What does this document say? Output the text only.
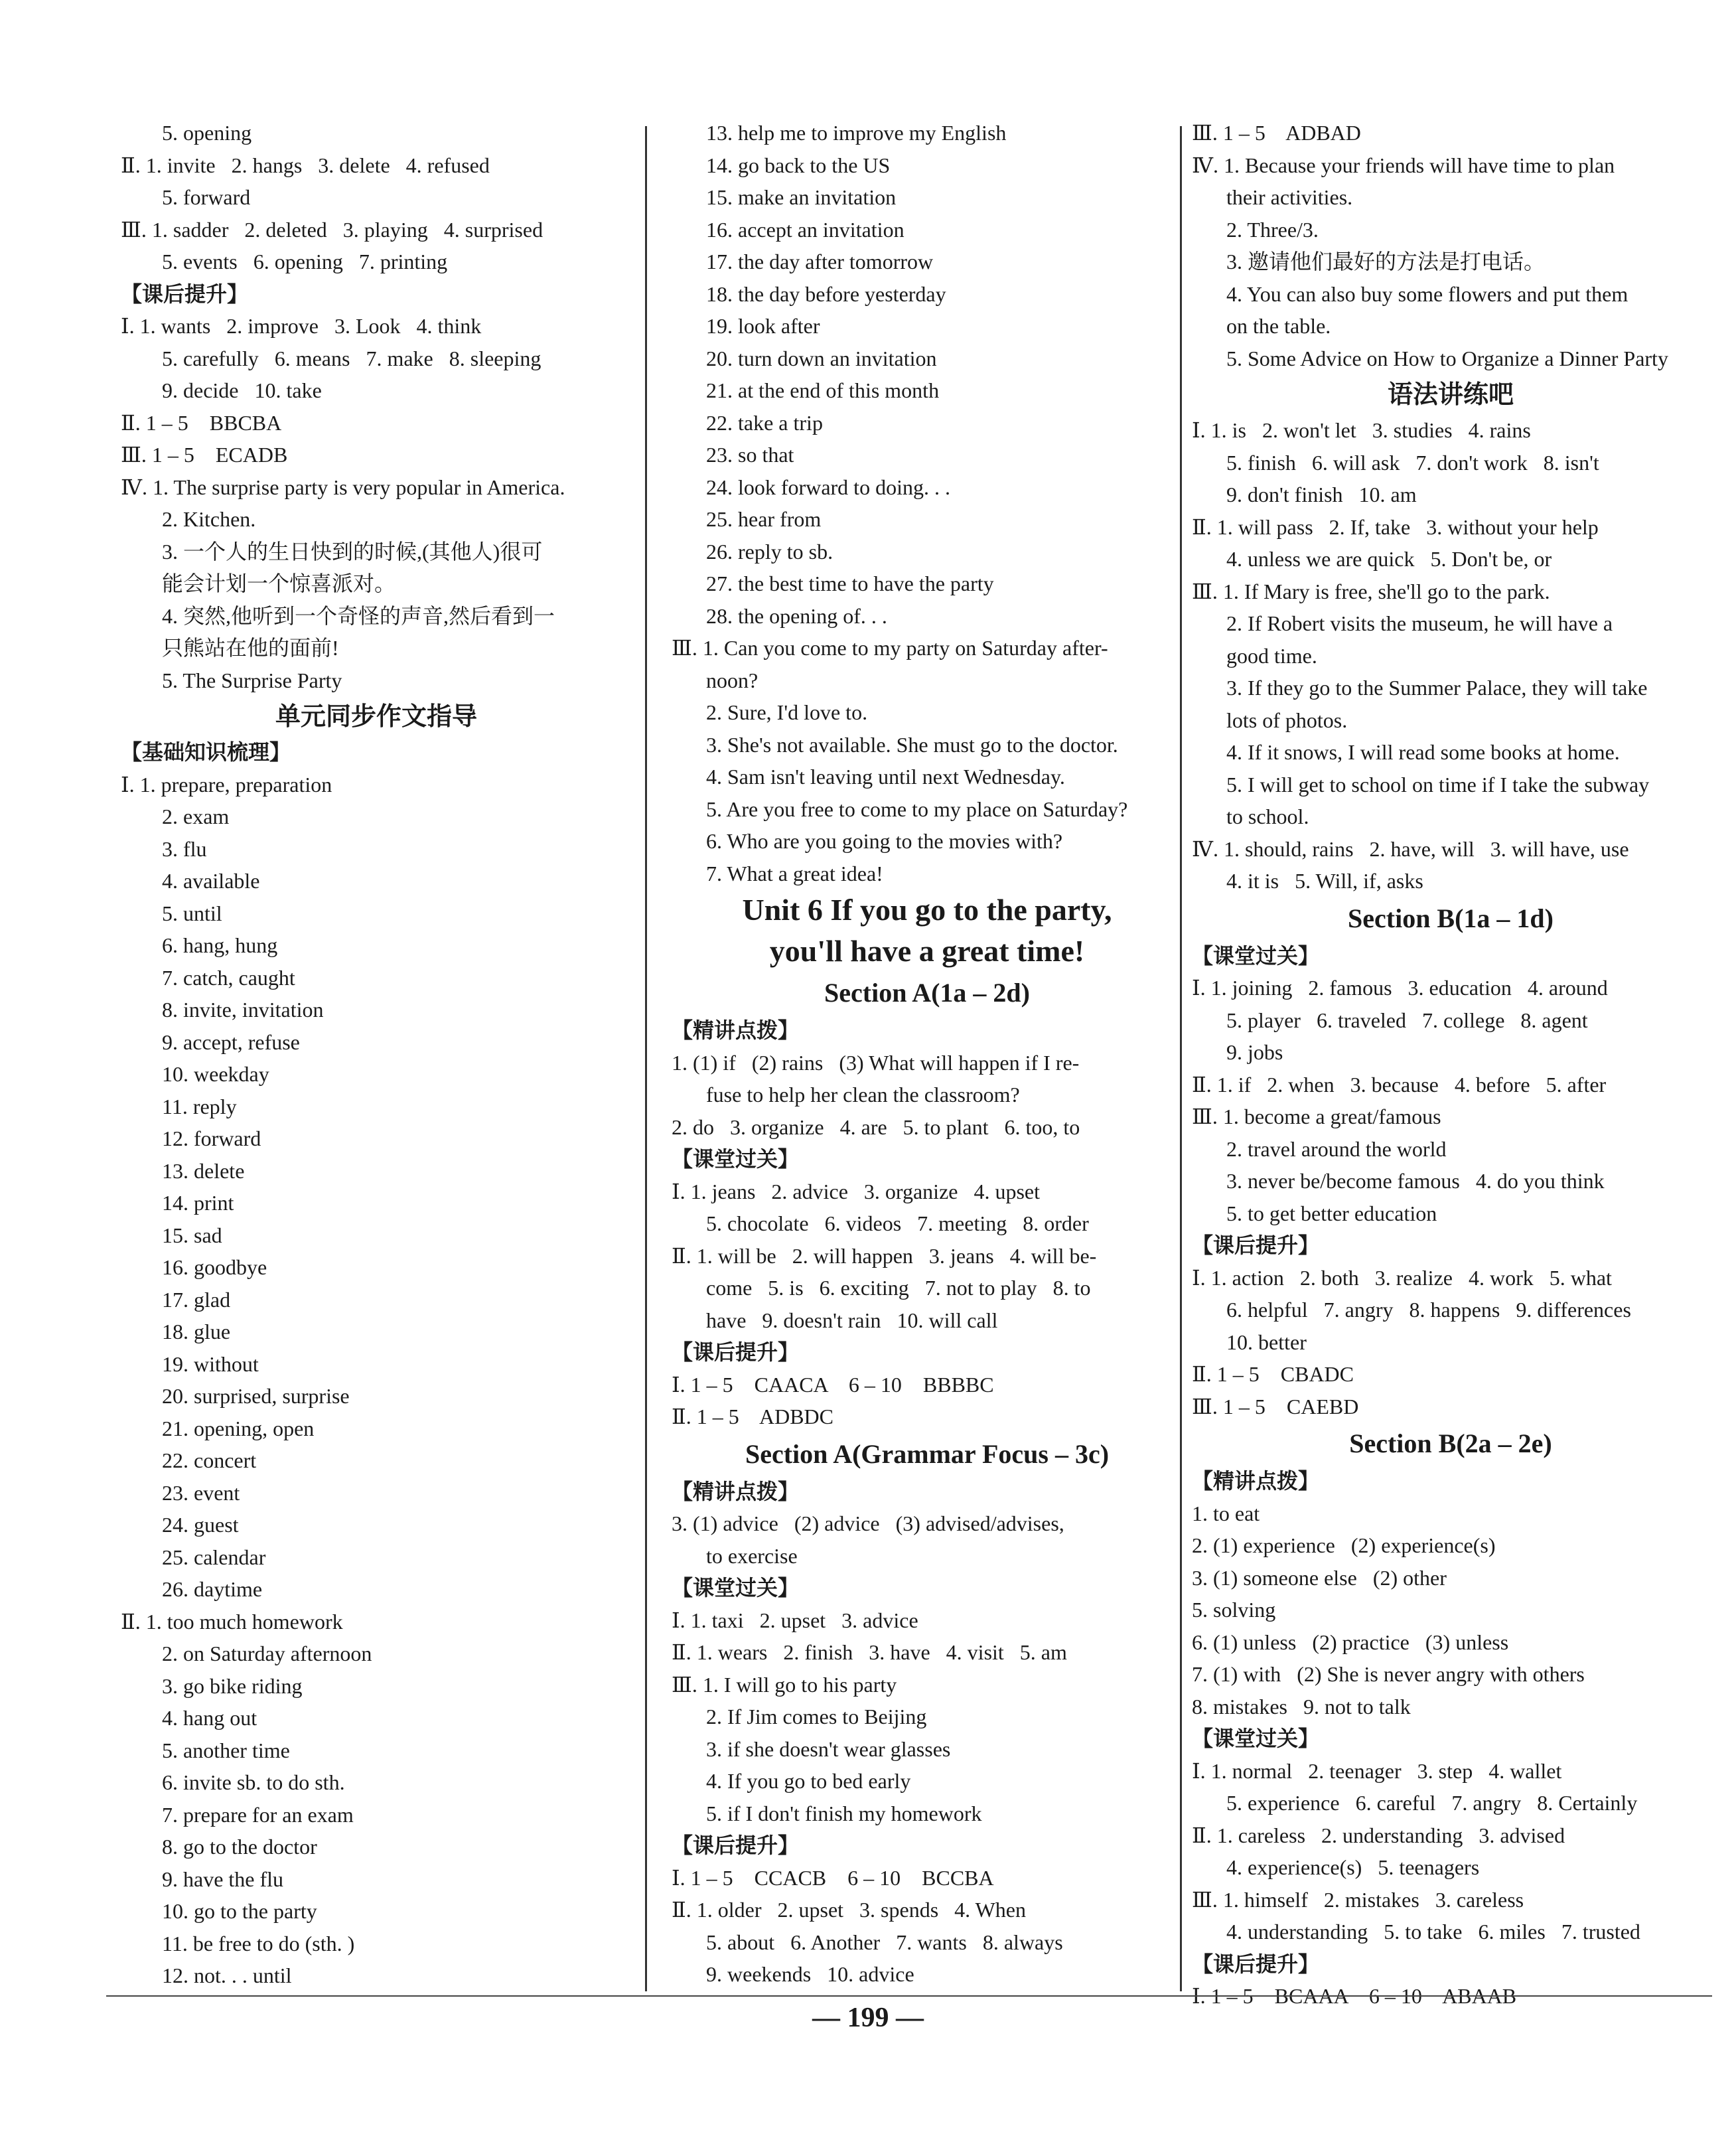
5. opening
Ⅱ. 1. invite   2. hangs   3. delete   4. refused
5. forward
Ⅲ. 1. sadder   2. deleted   3. playing   4. surprised
5. events   6. opening   7. printing
【课后提升】
Ⅰ. 1. wants   2. improve   3. Look   4. think
5. carefully   6. means   7. make   8. sleeping
9. decide   10. take
Ⅱ. 1 – 5    BBCBA
Ⅲ. 1 – 5    ECADB
Ⅳ. 1. The surprise party is very popular in America.
2. Kitchen.
3. 一个人的生日快到的时候,(其他人)很可
能会计划一个惊喜派对。
4. 突然,他听到一个奇怪的声音,然后看到一
只熊站在他的面前!
5. The Surprise Party
单元同步作文指导
【基础知识梳理】
Ⅰ. 1. prepare, preparation
2. exam
3. flu
4. available
5. until
6. hang, hung
7. catch, caught
8. invite, invitation
9. accept, refuse
10. weekday
11. reply
12. forward
13. delete
14. print
15. sad
16. goodbye
17. glad
18. glue
19. without
20. surprised, surprise
21. opening, open
22. concert
23. event
24. guest
25. calendar
26. daytime
Ⅱ. 1. too much homework
2. on Saturday afternoon
3. go bike riding
4. hang out
5. another time
6. invite sb. to do sth.
7. prepare for an exam
8. go to the doctor
9. have the flu
10. go to the party
11. be free to do (sth. )
12. not. . . until
13. help me to improve my English
14. go back to the US
15. make an invitation
16. accept an invitation
17. the day after tomorrow
18. the day before yesterday
19. look after
20. turn down an invitation
21. at the end of this month
22. take a trip
23. so that
24. look forward to doing. . .
25. hear from
26. reply to sb.
27. the best time to have the party
28. the opening of. . .
Ⅲ. 1. Can you come to my party on Saturday after-
noon?
2. Sure, I'd love to.
3. She's not available. She must go to the doctor.
4. Sam isn't leaving until next Wednesday.
5. Are you free to come to my place on Saturday?
6. Who are you going to the movies with?
7. What a great idea!
Unit 6 If you go to the party,
you'll have a great time!
Section A(1a – 2d)
【精讲点拨】
1. (1) if   (2) rains   (3) What will happen if I re-
fuse to help her clean the classroom?
2. do   3. organize   4. are   5. to plant   6. too, to
【课堂过关】
Ⅰ. 1. jeans   2. advice   3. organize   4. upset
5. chocolate   6. videos   7. meeting   8. order
Ⅱ. 1. will be   2. will happen   3. jeans   4. will be-
come   5. is   6. exciting   7. not to play   8. to
have   9. doesn't rain   10. will call
【课后提升】
Ⅰ. 1 – 5    CAACA    6 – 10    BBBBC
Ⅱ. 1 – 5    ADBDC
Section A(Grammar Focus – 3c)
【精讲点拨】
3. (1) advice   (2) advice   (3) advised/advises,
to exercise
【课堂过关】
Ⅰ. 1. taxi   2. upset   3. advice
Ⅱ. 1. wears   2. finish   3. have   4. visit   5. am
Ⅲ. 1. I will go to his party
2. If Jim comes to Beijing
3. if she doesn't wear glasses
4. If you go to bed early
5. if I don't finish my homework
【课后提升】
Ⅰ. 1 – 5    CCACB    6 – 10    BCCBA
Ⅱ. 1. older   2. upset   3. spends   4. When
5. about   6. Another   7. wants   8. always
9. weekends   10. advice
Ⅲ. 1 – 5    ADBAD
Ⅳ. 1. Because your friends will have time to plan
their activities.
2. Three/3.
3. 邀请他们最好的方法是打电话。
4. You can also buy some flowers and put them
on the table.
5. Some Advice on How to Organize a Dinner Party
语法讲练吧
Ⅰ. 1. is   2. won't let   3. studies   4. rains
5. finish   6. will ask   7. don't work   8. isn't
9. don't finish   10. am
Ⅱ. 1. will pass   2. If, take   3. without your help
4. unless we are quick   5. Don't be, or
Ⅲ. 1. If Mary is free, she'll go to the park.
2. If Robert visits the museum, he will have a
good time.
3. If they go to the Summer Palace, they will take
lots of photos.
4. If it snows, I will read some books at home.
5. I will get to school on time if I take the subway
to school.
Ⅳ. 1. should, rains   2. have, will   3. will have, use
4. it is   5. Will, if, asks
Section B(1a – 1d)
【课堂过关】
Ⅰ. 1. joining   2. famous   3. education   4. around
5. player   6. traveled   7. college   8. agent
9. jobs
Ⅱ. 1. if   2. when   3. because   4. before   5. after
Ⅲ. 1. become a great/famous
2. travel around the world
3. never be/become famous   4. do you think
5. to get better education
【课后提升】
Ⅰ. 1. action   2. both   3. realize   4. work   5. what
6. helpful   7. angry   8. happens   9. differences
10. better
Ⅱ. 1 – 5    CBADC
Ⅲ. 1 – 5    CAEBD
Section B(2a – 2e)
【精讲点拨】
1. to eat
2. (1) experience   (2) experience(s)
3. (1) someone else   (2) other
5. solving
6. (1) unless   (2) practice   (3) unless
7. (1) with   (2) She is never angry with others
8. mistakes   9. not to talk
【课堂过关】
Ⅰ. 1. normal   2. teenager   3. step   4. wallet
5. experience   6. careful   7. angry   8. Certainly
Ⅱ. 1. careless   2. understanding   3. advised
4. experience(s)   5. teenagers
Ⅲ. 1. himself   2. mistakes   3. careless
4. understanding   5. to take   6. miles   7. trusted
【课后提升】
Ⅰ. 1 – 5    BCAAA    6 – 10    ABAAB
— 199 —
